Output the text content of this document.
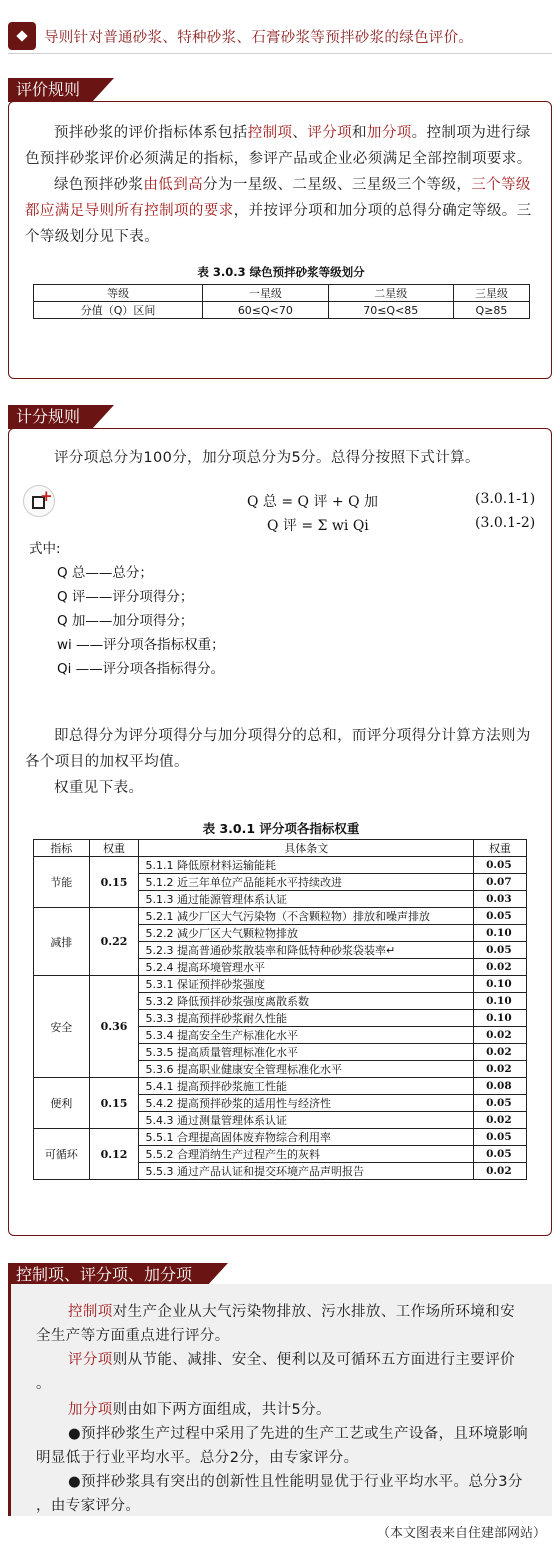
导则针对普通砂浆、特种砂浆、石膏砂浆等预拌砂浆的绿色评价。
评价规则

预拌砂浆的评价指标体系包括控制项、评分项和加分项。控制项为进行绿色预拌砂浆评价必须满足的指标，参评产品或企业必须满足全部控制项要求。

绿色预拌砂浆由低到高分为一星级、二星级、三星级三个等级，三个等级都应满足导则所有控制项的要求，并按评分项和加分项的总得分确定等级。三个等级划分见下表。

表 3.0.3 绿色预拌砂浆等级划分
等级	一星级	二星级	三星级
分值（Q）区间	60≤Q<70	70≤Q<85	Q≥85
计分规则

评分项总分为100分，加分项总分为5分。总得分按照下式计算。

+	Q 总 = Q 评 + Q 加	(3.0.1-1)
Q 评 = Σ wi Qi	(3.0.1-2)
式中:
Q 总——总分；
Q 评——评分项得分；
Q 加——加分项得分；
wi ——评分项各指标权重；
Qi ——评分项各指标得分。

即总得分为评分项得分与加分项得分的总和，而评分项得分计算方法则为各个项目的加权平均值。

权重见下表。

表 3.0.1 评分项各指标权重
指标	权重	具体条文	权重
节能	0.15	5.1.1 降低原材料运输能耗	0.05
		5.1.2 近三年单位产品能耗水平持续改进	0.07
		5.1.3 通过能源管理体系认证	0.03
减排	0.22	5.2.1 减少厂区大气污染物（不含颗粒物）排放和噪声排放	0.05
		5.2.2 减少厂区大气颗粒物排放	0.10
		5.2.3 提高普通砂浆散装率和降低特种砂浆袋装率↵	0.05
		5.2.4 提高环境管理水平	0.02
安全	0.36	5.3.1 保证预拌砂浆强度	0.10
		5.3.2 降低预拌砂浆强度离散系数	0.10
		5.3.3 提高预拌砂浆耐久性能	0.10
		5.3.4 提高安全生产标准化水平	0.02
		5.3.5 提高质量管理标准化水平	0.02
		5.3.6 提高职业健康安全管理标准化水平	0.02
便利	0.15	5.4.1 提高预拌砂浆施工性能	0.08
		5.4.2 提高预拌砂浆的适用性与经济性	0.05
		5.4.3 通过测量管理体系认证	0.02
可循环	0.12	5.5.1 合理提高固体废弃物综合利用率	0.05
		5.5.2 合理消纳生产过程产生的灰料	0.05
		5.5.3 通过产品认证和提交环境产品声明报告	0.02
控制项、评分项、加分项
控制项对生产企业从大气污染物排放、污水排放、工作场所环境和安
全生产等方面重点进行评分。
评分项则从节能、减排、安全、便利以及可循环五方面进行主要评价
。
加分项则由如下两方面组成，共计5分。
●预拌砂浆生产过程中采用了先进的生产工艺或生产设备，且环境影响
明显低于行业平均水平。总分2分，由专家评分。
●预拌砂浆具有突出的创新性且性能明显优于行业平均水平。总分3分
，由专家评分。
（本文图表来自住建部网站）
